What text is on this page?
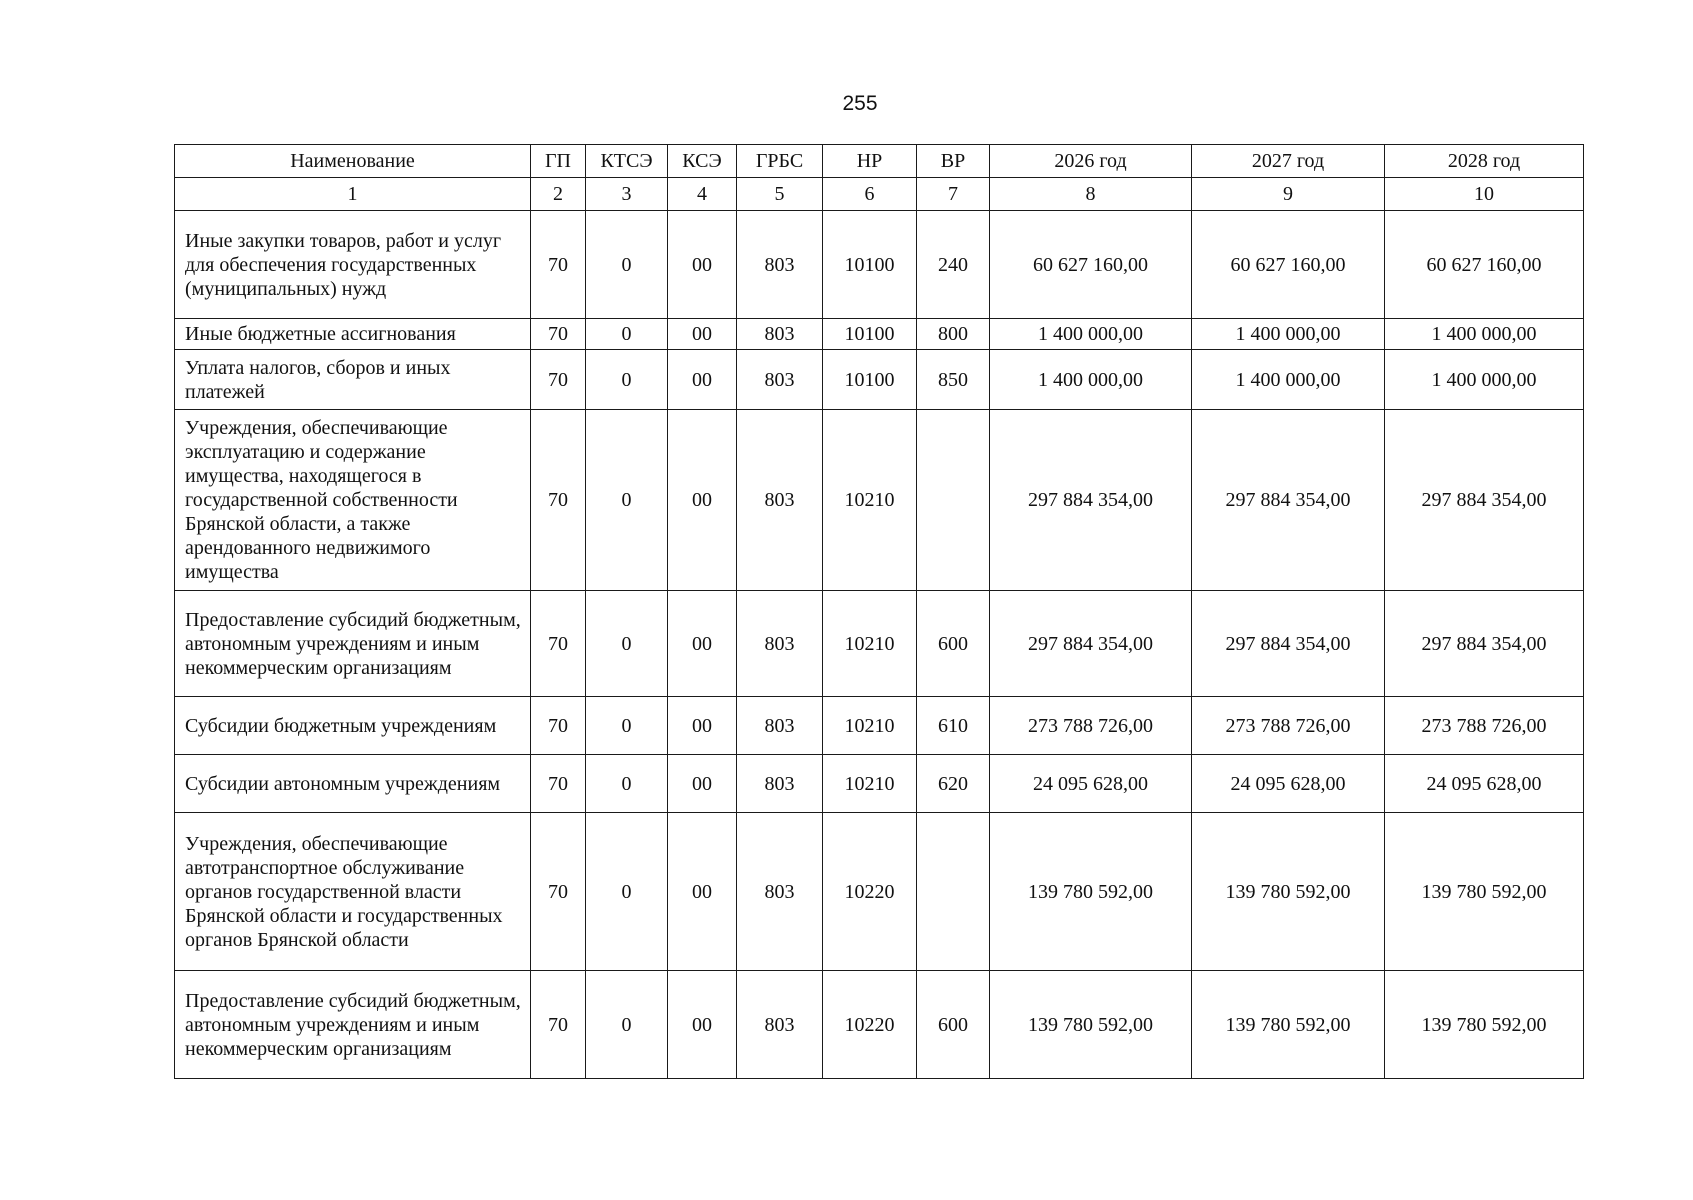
255
Наименование	ГП	КТСЭ	КСЭ	ГРБС	НР	ВР	2026 год	2027 год	2028 год
1	2	3	4	5	6	7	8	9	10
Иные закупки товаров, работ и услуг для обеспечения государственных (муниципальных) нужд	70	0	00	803	10100	240	60 627 160,00	60 627 160,00	60 627 160,00
Иные бюджетные ассигнования	70	0	00	803	10100	800	1 400 000,00	1 400 000,00	1 400 000,00
Уплата налогов, сборов и иных платежей	70	0	00	803	10100	850	1 400 000,00	1 400 000,00	1 400 000,00
Учреждения, обеспечивающие эксплуатацию и содержание имущества, находящегося в государственной собственности Брянской области, а также арендованного недвижимого имущества	70	0	00	803	10210		297 884 354,00	297 884 354,00	297 884 354,00
Предоставление субсидий бюджетным, автономным учреждениям и иным некоммерческим организациям	70	0	00	803	10210	600	297 884 354,00	297 884 354,00	297 884 354,00
Субсидии бюджетным учреждениям	70	0	00	803	10210	610	273 788 726,00	273 788 726,00	273 788 726,00
Субсидии автономным учреждениям	70	0	00	803	10210	620	24 095 628,00	24 095 628,00	24 095 628,00
Учреждения, обеспечивающие автотранспортное обслуживание органов государственной власти Брянской области и государственных органов Брянской области	70	0	00	803	10220		139 780 592,00	139 780 592,00	139 780 592,00
Предоставление субсидий бюджетным, автономным учреждениям и иным некоммерческим организациям	70	0	00	803	10220	600	139 780 592,00	139 780 592,00	139 780 592,00
